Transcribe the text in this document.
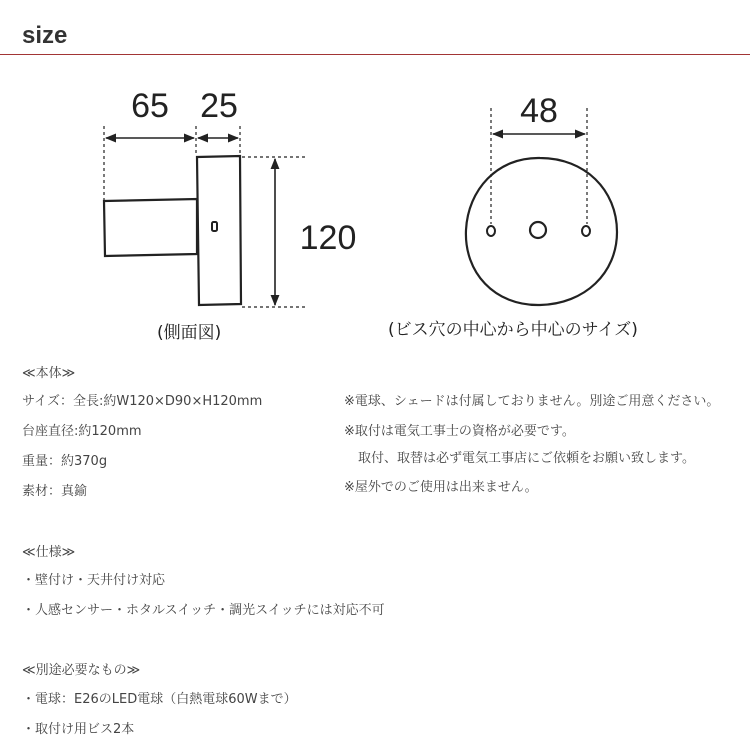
size
65 25
120
48
(側面図)	(ビス穴の中心から中心のサイズ)
≪本体≫
サイズ：全長:約W120×D90×H120mm
台座直径:約120mm
重量：約370g
素材：真鍮
※電球、シェードは付属しておりません。別途ご用意ください。
※取付は電気工事士の資格が必要です。
取付、取替は必ず電気工事店にご依頼をお願い致します。
※屋外でのご使用は出来ません。
≪仕様≫
・壁付け・天井付け対応
・人感センサー・ホタルスイッチ・調光スイッチには対応不可
≪別途必要なもの≫
・電球：E26のLED電球（白熱電球60Wまで）
・取付け用ビス2本
